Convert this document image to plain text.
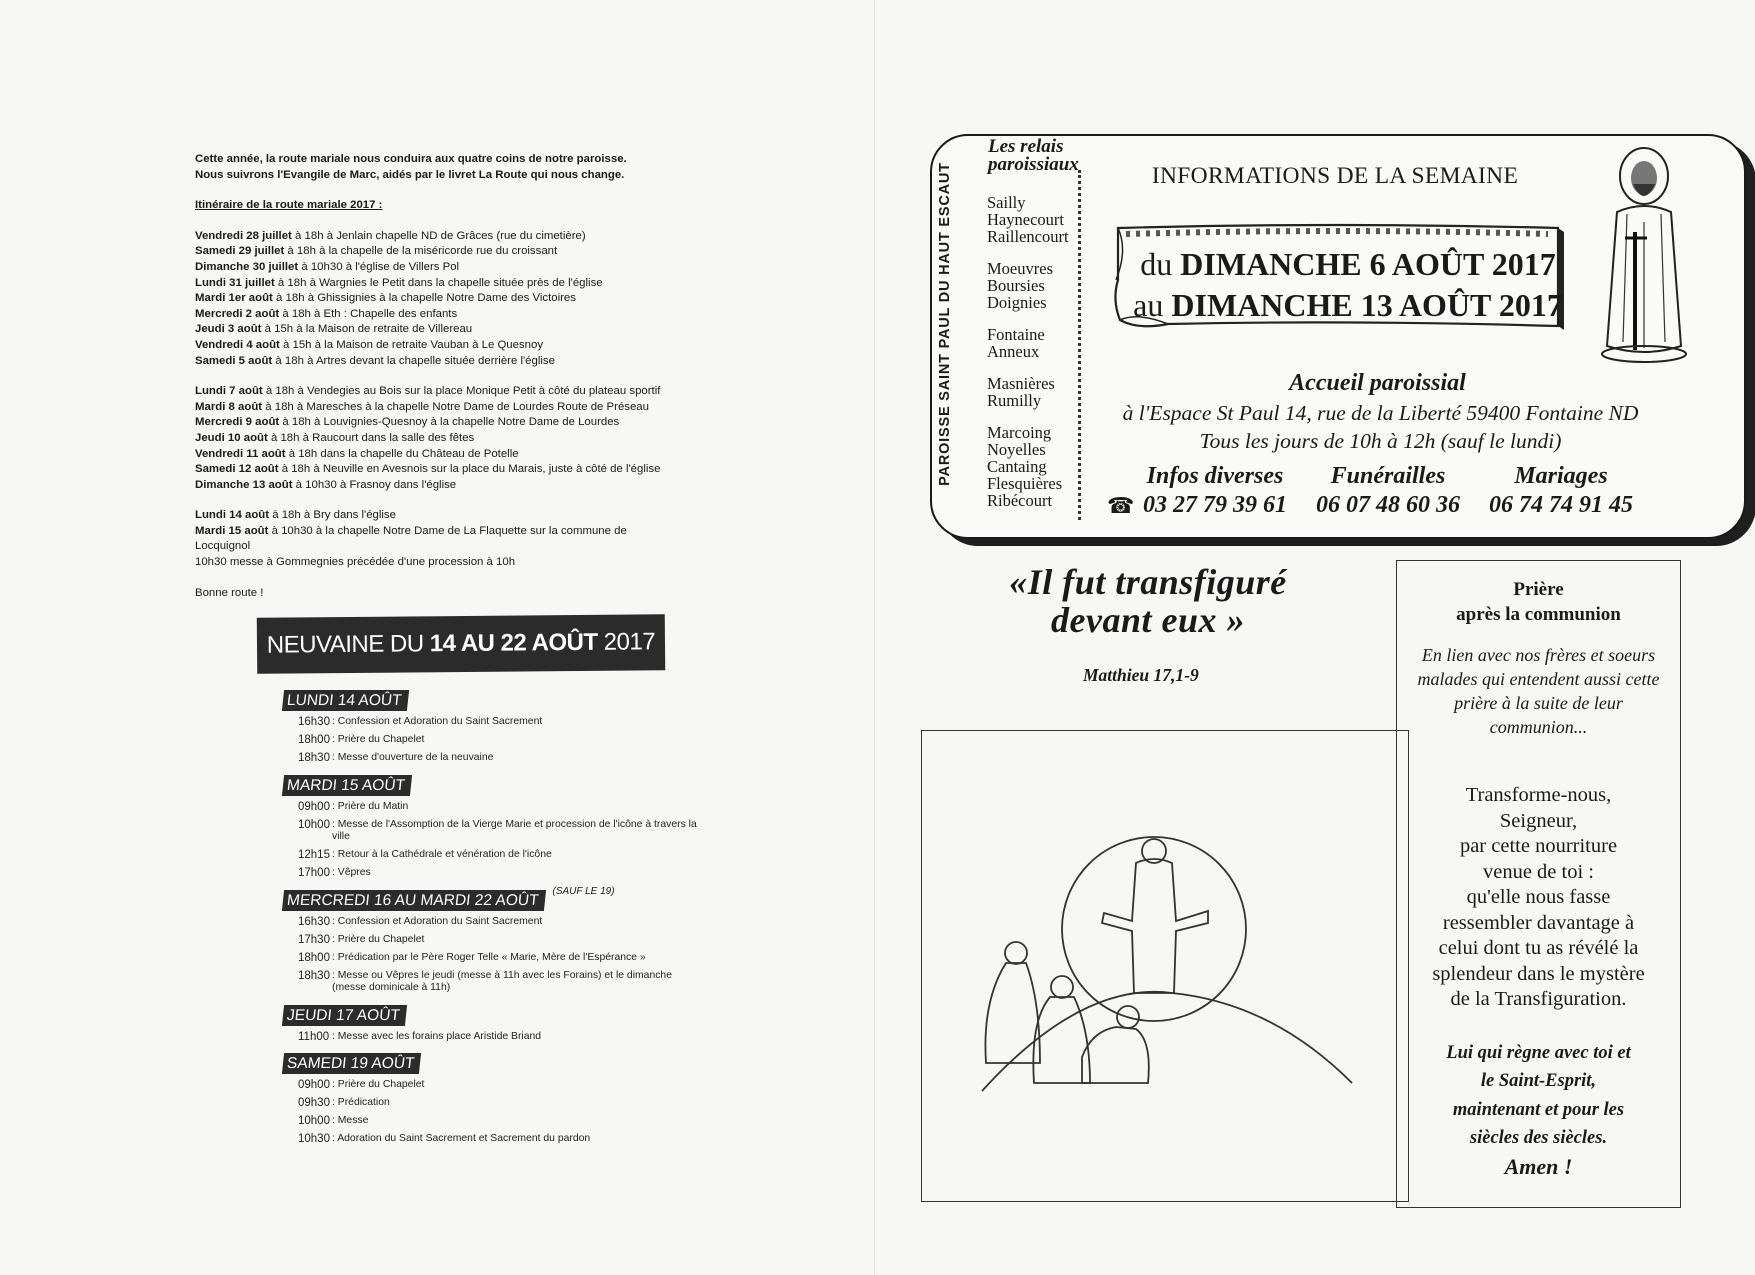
Cette année, la route mariale nous conduira aux quatre coins de notre paroisse.

Nous suivrons l'Evangile de Marc, aidés par le livret La Route qui nous change.

Itinéraire de la route mariale 2017 :

Vendredi 28 juillet à 18h à Jenlain chapelle ND de Grâces (rue du cimetière)
Samedi 29 juillet à 18h à la chapelle de la miséricorde rue du croissant
Dimanche 30 juillet à 10h30 à l'église de Villers Pol
Lundi 31 juillet à 18h à Wargnies le Petit dans la chapelle située près de l'église
Mardi 1er août à 18h à Ghissignies à la chapelle Notre Dame des Victoires
Mercredi 2 août à 18h à Eth : Chapelle des enfants
Jeudi 3 août à 15h à la Maison de retraite de Villereau
Vendredi 4 août à 15h à la Maison de retraite Vauban à Le Quesnoy
Samedi 5 août à 18h à Artres devant la chapelle située derrière l'église
Lundi 7 août à 18h à Vendegies au Bois sur la place Monique Petit à côté du plateau sportif
Mardi 8 août à 18h à Maresches à la chapelle Notre Dame de Lourdes Route de Préseau
Mercredi 9 août à 18h à Louvignies-Quesnoy à la chapelle Notre Dame de Lourdes
Jeudi 10 août à 18h à Raucourt dans la salle des fêtes
Vendredi 11 août à 18h dans la chapelle du Château de Potelle
Samedi 12 août à 18h à Neuville en Avesnois sur la place du Marais, juste à côté de l'église
Dimanche 13 août à 10h30 à Frasnoy dans l'église
Lundi 14 août à 18h à Bry dans l'église
Mardi 15 août à 10h30 à la chapelle Notre Dame de La Flaquette sur la commune de
Locquignol
10h30 messe à Gommegnies précédée d'une procession à 10h

Bonne route !

NEUVAINE DU 14 AU 22 AOÛT 2017
LUNDI 14 AOÛT
16h30 : Confession et Adoration du Saint Sacrement
18h00 : Prière du Chapelet
18h30 : Messe d'ouverture de la neuvaine
MARDI 15 AOÛT
09h00 : Prière du Matin
10h00 : Messe de l'Assomption de la Vierge Marie et procession de l'icône à travers la ville
12h15 : Retour à la Cathédrale et vénération de l'icône
17h00 : Vêpres
MERCREDI 16 AU MARDI 22 AOÛT$^{(SAUF LE 19)}$
16h30 : Confession et Adoration du Saint Sacrement
17h30 : Prière du Chapelet
18h00 : Prédication par le Père Roger Telle « Marie, Mère de l'Espérance »
18h30 : Messe ou Vêpres le jeudi (messe à 11h avec les Forains) et le dimanche (messe dominicale à 11h)
JEUDI 17 AOÛT
11h00 : Messe avec les forains place Aristide Briand
SAMEDI 19 AOÛT
09h00 : Prière du Chapelet
09h30 : Prédication
10h00 : Messe
10h30 : Adoration du Saint Sacrement et Sacrement du pardon
PAROISSE SAINT PAUL DU HAUT ESCAUT
Les relais
paroissiaux
Sailly
Haynecourt
Raillencourt
Moeuvres
Boursies
Doignies
Fontaine
Anneux
Masnières
Rumilly
Marcoing
Noyelles
Cantaing
Flesquières
Ribécourt
INFORMATIONS DE LA SEMAINE
du DIMANCHE 6 AOÛT 2017
au DIMANCHE 13 AOÛT 2017
Accueil paroissial
à l'Espace St Paul 14, rue de la Liberté 59400 Fontaine ND
Tous les jours de 10h à 12h (sauf le lundi)
☎
Infos diverses
03 27 79 39 61
Funérailles
06 07 48 60 36
Mariages
06 74 74 91 45
«Il fut transfiguré
devant eux »
Matthieu 17,1-9
Prière
après la communion
En lien avec nos frères et soeurs malades qui entendent aussi cette prière à la suite de leur communion...
Transforme-nous,
Seigneur,
par cette nourriture
venue de toi :
qu'elle nous fasse
ressembler davantage à
celui dont tu as révélé la
splendeur dans le mystère
de la Transfiguration.
Lui qui règne avec toi et
le Saint-Esprit,
maintenant et pour les
siècles des siècles.
Amen !
